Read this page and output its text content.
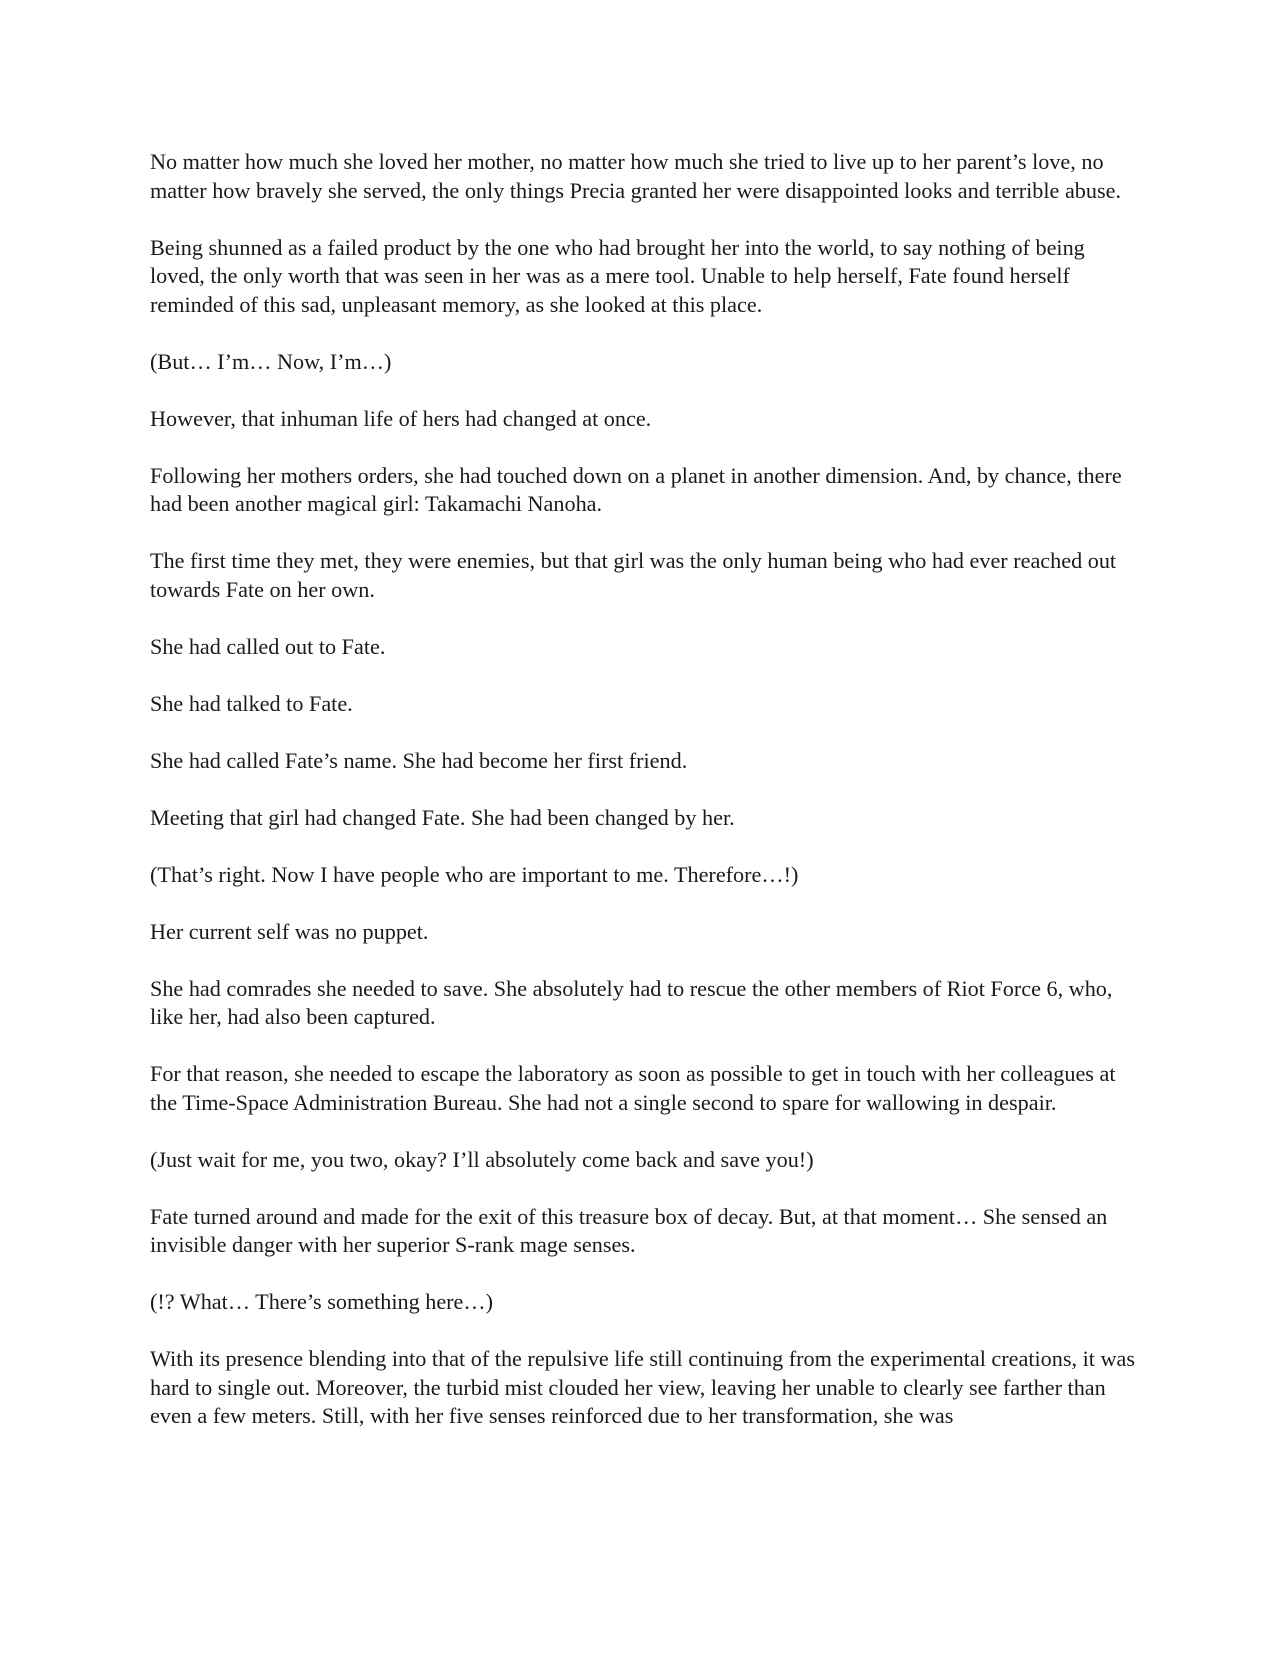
No matter how much she loved her mother, no matter how much she tried to live up to her parent’s love, no matter how bravely she served, the only things Precia granted her were disappointed looks and terrible abuse.

Being shunned as a failed product by the one who had brought her into the world, to say nothing of being loved, the only worth that was seen in her was as a mere tool. Unable to help herself, Fate found herself reminded of this sad, unpleasant memory, as she looked at this place.

(But… I’m… Now, I’m…)

However, that inhuman life of hers had changed at once.

Following her mothers orders, she had touched down on a planet in another dimension. And, by chance, there had been another magical girl: Takamachi Nanoha.

The first time they met, they were enemies, but that girl was the only human being who had ever reached out towards Fate on her own.

She had called out to Fate.

She had talked to Fate.

She had called Fate’s name. She had become her first friend.

Meeting that girl had changed Fate. She had been changed by her.

(That’s right. Now I have people who are important to me. Therefore…!)

Her current self was no puppet.

She had comrades she needed to save. She absolutely had to rescue the other members of Riot Force 6, who, like her, had also been captured.

For that reason, she needed to escape the laboratory as soon as possible to get in touch with her colleagues at the Time-Space Administration Bureau. She had not a single second to spare for wallowing in despair.

(Just wait for me, you two, okay? I’ll absolutely come back and save you!)

Fate turned around and made for the exit of this treasure box of decay. But, at that moment… She sensed an invisible danger with her superior S-rank mage senses.

(!? What… There’s something here…)

With its presence blending into that of the repulsive life still continuing from the experimental creations, it was hard to single out. Moreover, the turbid mist clouded her view, leaving her unable to clearly see farther than even a few meters. Still, with her five senses reinforced due to her transformation, she was
